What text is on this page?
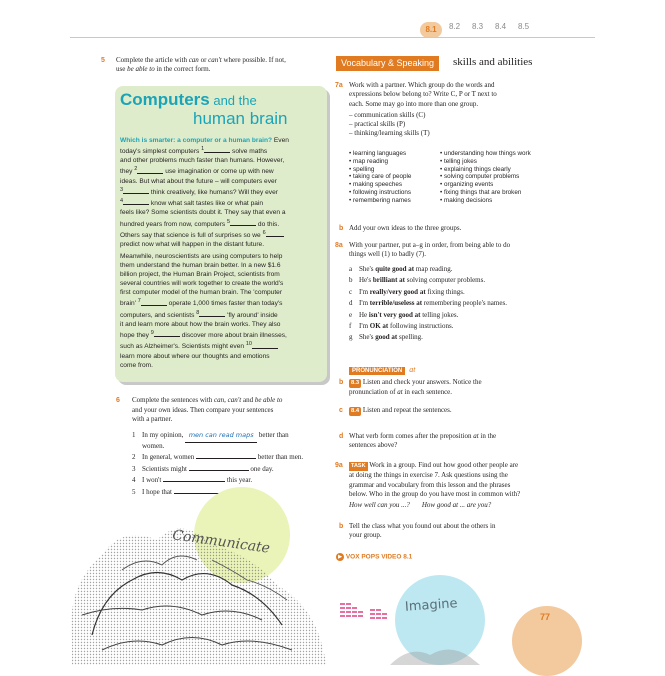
8.1	8.2 8.3 8.4 8.5
5 Complete the article with can or can't where possible. If not,
use be able to in the correct form.
Computers and the
human brain
Which is smarter: a computer or a human brain? Even
today's simplest computers $^1$	solve maths
and other problems much faster than humans. However,
they $^2$	use imagination or come up with new
ideas. But what about the future – will computers ever
$^3$	think creatively, like humans? Will they ever
$^4$	know what salt tastes like or what pain
feels like? Some scientists doubt it. They say that even a
hundred years from now, computers $^5$	do this.
Others say that science is full of surprises so we $^6$
predict now what will happen in the distant future.
Meanwhile, neuroscientists are using computers to help
them understand the human brain better. In a new $1.6
billion project, the Human Brain Project, scientists from
several countries will work together to create the world's
first computer model of the human brain. The 'computer
brain' $^7$	operate 1,000 times faster than today's
computers, and scientists $^8$	'fly around' inside
it and learn more about how the brain works. They also
hope they $^9$	discover more about brain illnesses,
such as Alzheimer's. Scientists might even $^{10}$
learn more about where our thoughts and emotions
come from.
6 Complete the sentences with can, can't and be able to
and your own ideas. Then compare your sentences
with a partner.
1 In my opinion, men can read maps better than
women.
2 In general, women	better than men.
3 Scientists might	one day.
4 I won't	this year.
5 I hope that
Communicate
Vocabulary & Speaking	skills and abilities
7a Work with a partner. Which group do the words and
expressions below belong to? Write C, P or T next to
each. Some may go into more than one group.
– communication skills (C)
– practical skills (P)
– thinking/learning skills (T)
• learning languages
• map reading
• spelling
• taking care of people
• making speeches
• following instructions
• remembering names
• understanding how things work
• telling jokes
• explaining things clearly
• solving computer problems
• organizing events
• fixing things that are broken
• making decisions
b Add your own ideas to the three groups.
8a With your partner, put a–g in order, from being able to do
things well (1) to badly (7).
a She's quite good at map reading.
b He's brilliant at solving computer problems.
c I'm really/very good at fixing things.
d I'm terrible/useless at remembering people's names.
e He isn't very good at telling jokes.
f I'm OK at following instructions.
g She's good at spelling.
PRONUNCIATION at
b	8.3 Listen and check your answers. Notice the
pronunciation of at in each sentence.
c	8.4 Listen and repeat the sentences.
d What verb form comes after the preposition at in the
sentences above?
9a	TASK Work in a group. Find out how good other people are
at doing the things in exercise 7. Ask questions using the
grammar and vocabulary from this lesson and the phrases
below. Who in the group do you have most in common with?
How well can you ...? How good at ... are you?
b Tell the class what you found out about the others in
your group.
▶ VOX POPS VIDEO 8.1
Imagine
77
